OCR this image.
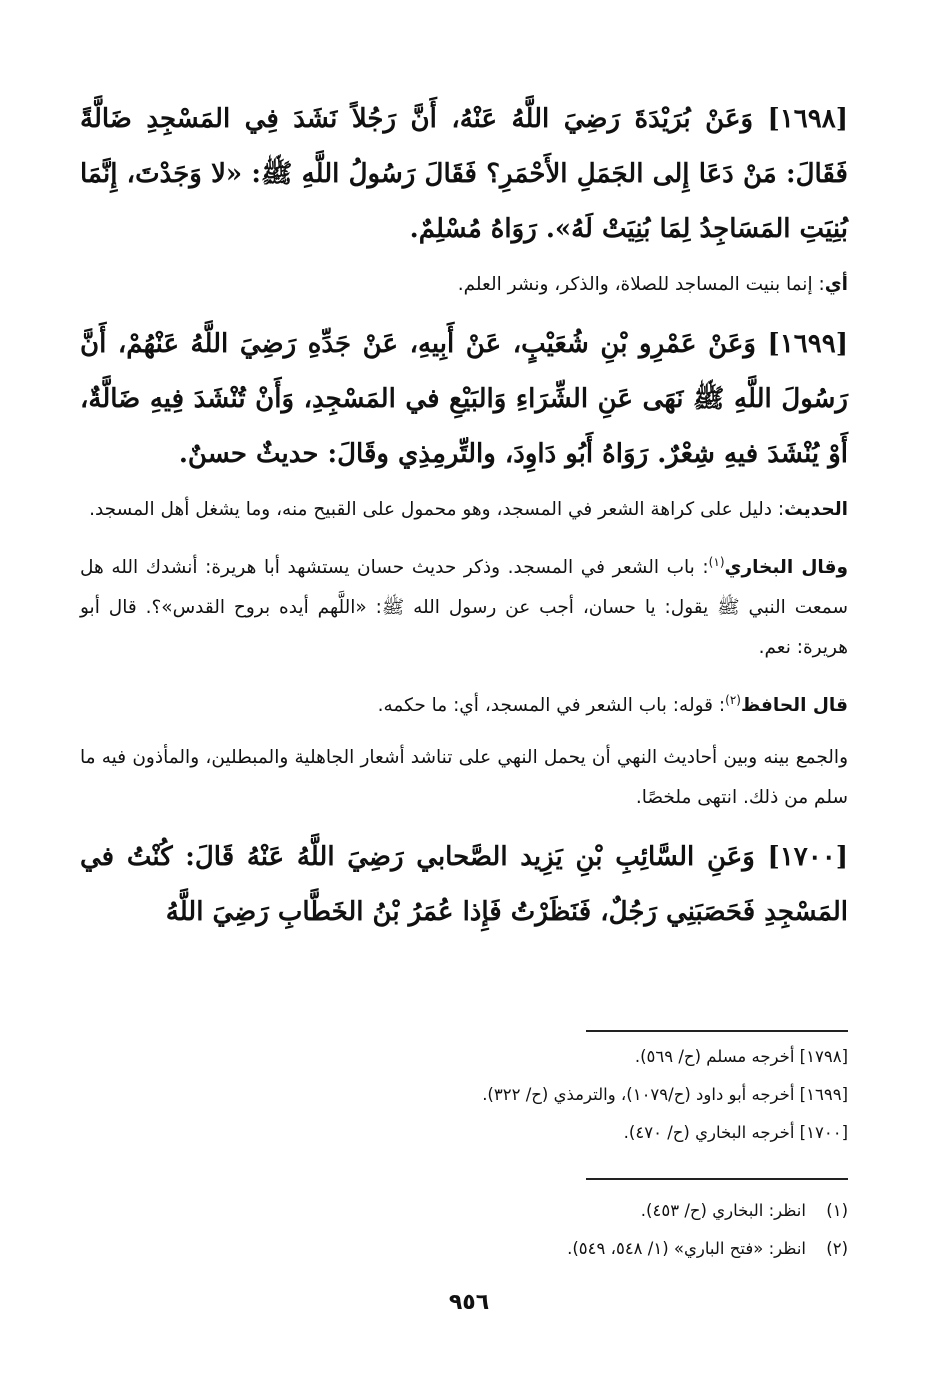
[١٦٩٨] وَعَنْ بُرَيْدَةَ رَضِيَ اللَّهُ عَنْهُ، أَنَّ رَجُلاً نَشَدَ فِي المَسْجِدِ ضَالَّةً فَقَالَ: مَنْ دَعَا إِلى الجَمَلِ الأَحْمَرِ؟ فَقَالَ رَسُولُ اللَّهِ ﷺ: «لا وَجَدْتَ، إِنَّمَا بُنِيَتِ المَسَاجِدُ لِمَا بُنِيَتْ لَهُ». رَوَاهُ مُسْلِمٌ.

أي: إنما بنيت المساجد للصلاة، والذكر، ونشر العلم.

[١٦٩٩] وَعَنْ عَمْرِو بْنِ شُعَيْبٍ، عَنْ أَبِيهِ، عَنْ جَدِّهِ رَضِيَ اللَّهُ عَنْهُمْ، أَنَّ رَسُولَ اللَّهِ ﷺ نَهَى عَنِ الشِّرَاءِ وَالبَيْعِ في المَسْجِدِ، وَأَنْ تُنْشَدَ فِيهِ ضَالَّةٌ، أَوْ يُنْشَدَ فيهِ شِعْرٌ. رَوَاهُ أَبُو دَاوِدَ، والتِّرمِذِي وقَالَ: حديثٌ حسنٌ.

الحديث: دليل على كراهة الشعر في المسجد، وهو محمول على القبيح منه، وما يشغل أهل المسجد.

وقال البخاري$^{(١)}$: باب الشعر في المسجد. وذكر حديث حسان يستشهد أبا هريرة: أنشدك الله هل سمعت النبي ﷺ يقول: يا حسان، أجب عن رسول الله ﷺ: «اللَّهم أيده بروح القدس»؟. قال أبو هريرة: نعم.

قال الحافظ$^{(٢)}$: قوله: باب الشعر في المسجد، أي: ما حكمه.

والجمع بينه وبين أحاديث النهي أن يحمل النهي على تناشد أشعار الجاهلية والمبطلين، والمأذون فيه ما سلم من ذلك. انتهى ملخصًا.

[١٧٠٠] وَعَنِ السَّائِبِ بْنِ يَزِيد الصَّحابي رَضِيَ اللَّهُ عَنْهُ قَالَ: كُنْتُ في المَسْجِدِ فَحَصَبَنِي رَجُلٌ، فَنَظَرْتُ فَإِذا عُمَرُ بْنُ الخَطَّابِ رَضِيَ اللَّهُ

[١٧٩٨] أخرجه مسلم (ح/ ٥٦٩).
[١٦٩٩] أخرجه أبو داود (ح/١٠٧٩)، والترمذي (ح/ ٣٢٢).
[١٧٠٠] أخرجه البخاري (ح/ ٤٧٠).
(١)انظر: البخاري (ح/ ٤٥٣).
(٢)انظر: «فتح الباري» (١/ ٥٤٨، ٥٤٩).
٩٥٦
